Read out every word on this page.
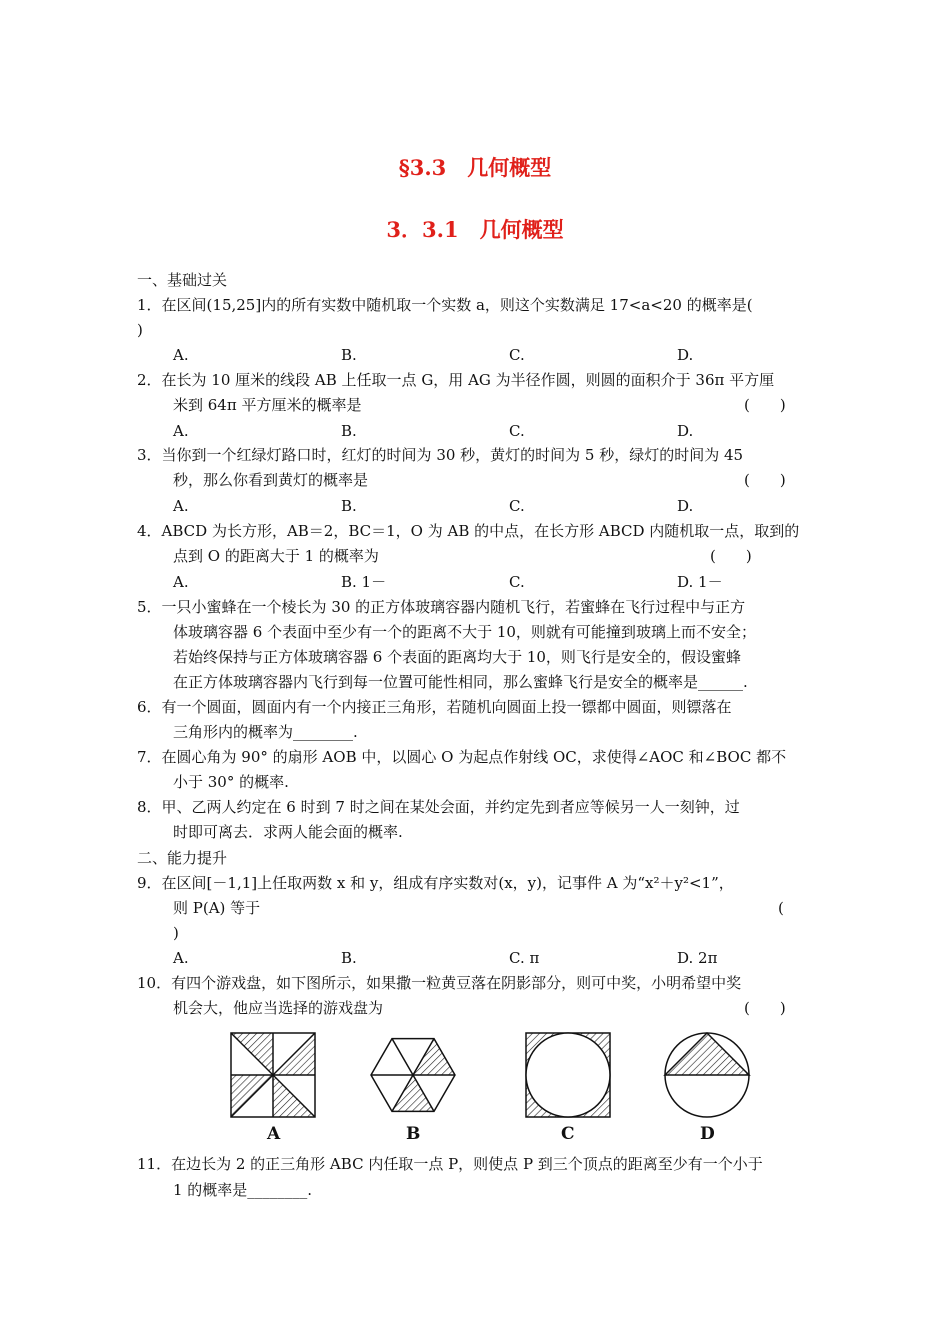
§3.3　几何概型
3．3.1　几何概型
一、基础过关
1．在区间(15,25]内的所有实数中随机取一个实数 a，则这个实数满足 17<a<20 的概率是(
)
A.	B.	C.	D.
2．在长为 10 厘米的线段 AB 上任取一点 G，用 AG 为半径作圆，则圆的面积介于 36π 平方厘
米到 64π 平方厘米的概率是	(　　)
A.	B.	C.	D.
3．当你到一个红绿灯路口时，红灯的时间为 30 秒，黄灯的时间为 5 秒，绿灯的时间为 45
秒，那么你看到黄灯的概率是	(　　)
A.	B.	C.	D.
4．ABCD 为长方形，AB＝2，BC＝1，O 为 AB 的中点，在长方形 ABCD 内随机取一点，取到的
点到 O 的距离大于 1 的概率为	(　　)
A.	B. 1－	C.	D. 1－
5．一只小蜜蜂在一个棱长为 30 的正方体玻璃容器内随机飞行，若蜜蜂在飞行过程中与正方
体玻璃容器 6 个表面中至少有一个的距离不大于 10，则就有可能撞到玻璃上而不安全；
若始终保持与正方体玻璃容器 6 个表面的距离均大于 10，则飞行是安全的，假设蜜蜂
在正方体玻璃容器内飞行到每一位置可能性相同，那么蜜蜂飞行是安全的概率是______.
6．有一个圆面，圆面内有一个内接正三角形，若随机向圆面上投一镖都中圆面，则镖落在
三角形内的概率为________.
7．在圆心角为 90° 的扇形 AOB 中，以圆心 O 为起点作射线 OC，求使得∠AOC 和∠BOC 都不
小于 30° 的概率.
8．甲、乙两人约定在 6 时到 7 时之间在某处会面，并约定先到者应等候另一人一刻钟，过
时即可离去．求两人能会面的概率.
二、能力提升
9．在区间[－1,1]上任取两数 x 和 y，组成有序实数对(x，y)，记事件 A 为“x²＋y²<1”，
则 P(A) 等于	(
)
A.	B.	C. π	D. 2π
10．有四个游戏盘，如下图所示，如果撒一粒黄豆落在阴影部分，则可中奖，小明希望中奖
机会大，他应当选择的游戏盘为	(　　)
A	B	C	D
11．在边长为 2 的正三角形 ABC 内任取一点 P，则使点 P 到三个顶点的距离至少有一个小于
1 的概率是________.
